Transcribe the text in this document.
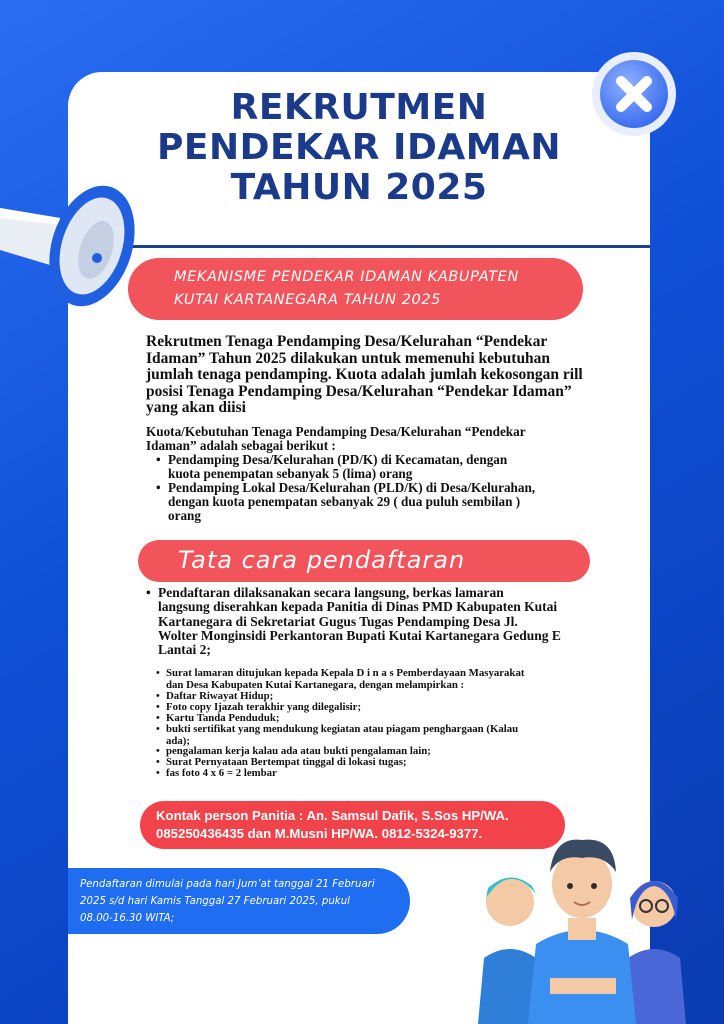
REKRUTMEN
PENDEKAR IDAMAN
TAHUN 2025
MEKANISME PENDEKAR IDAMAN KABUPATEN
KUTAI KARTANEGARA TAHUN 2025
Rekrutmen Tenaga Pendamping Desa/Kelurahan “Pendekar
Idaman” Tahun 2025 dilakukan untuk memenuhi kebutuhan
jumlah tenaga pendamping. Kuota adalah jumlah kekosongan rill
posisi Tenaga Pendamping Desa/Kelurahan “Pendekar Idaman”
yang akan diisi
Kuota/Kebutuhan Tenaga Pendamping Desa/Kelurahan “Pendekar
Idaman” adalah sebagai berikut :
• Pendamping Desa/Kelurahan (PD/K) di Kecamatan, dengan
kuota penempatan sebanyak 5 (lima) orang
• Pendamping Lokal Desa/Kelurahan (PLD/K) di Desa/Kelurahan,
dengan kuota penempatan sebanyak 29 ( dua puluh sembilan )
orang
Tata cara pendaftaran
• Pendaftaran dilaksanakan secara langsung, berkas lamaran
langsung diserahkan kepada Panitia di Dinas PMD Kabupaten Kutai
Kartanegara di Sekretariat Gugus Tugas Pendamping Desa Jl.
Wolter Monginsidi Perkantoran Bupati Kutai Kartanegara Gedung E
Lantai 2;
• Surat lamaran ditujukan kepada Kepala D i n a s Pemberdayaan Masyarakat
dan Desa Kabupaten Kutai Kartanegara, dengan melampirkan :
• Daftar Riwayat Hidup;
• Foto copy Ijazah terakhir yang dilegalisir;
• Kartu Tanda Penduduk;
• bukti sertifikat yang mendukung kegiatan atau piagam penghargaan (Kalau
ada);
• pengalaman kerja kalau ada atau bukti pengalaman lain;
• Surat Pernyataan Bertempat tinggal di lokasi tugas;
• fas foto 4 x 6 = 2 lembar
Kontak person Panitia : An. Samsul Dafik, S.Sos HP/WA.
085250436435 dan M.Musni HP/WA. 0812-5324-9377.
Pendaftaran dimulai pada hari Jum’at tanggal 21 Februari
2025 s/d hari Kamis Tanggal 27 Februari 2025, pukul
08.00-16.30 WITA;
